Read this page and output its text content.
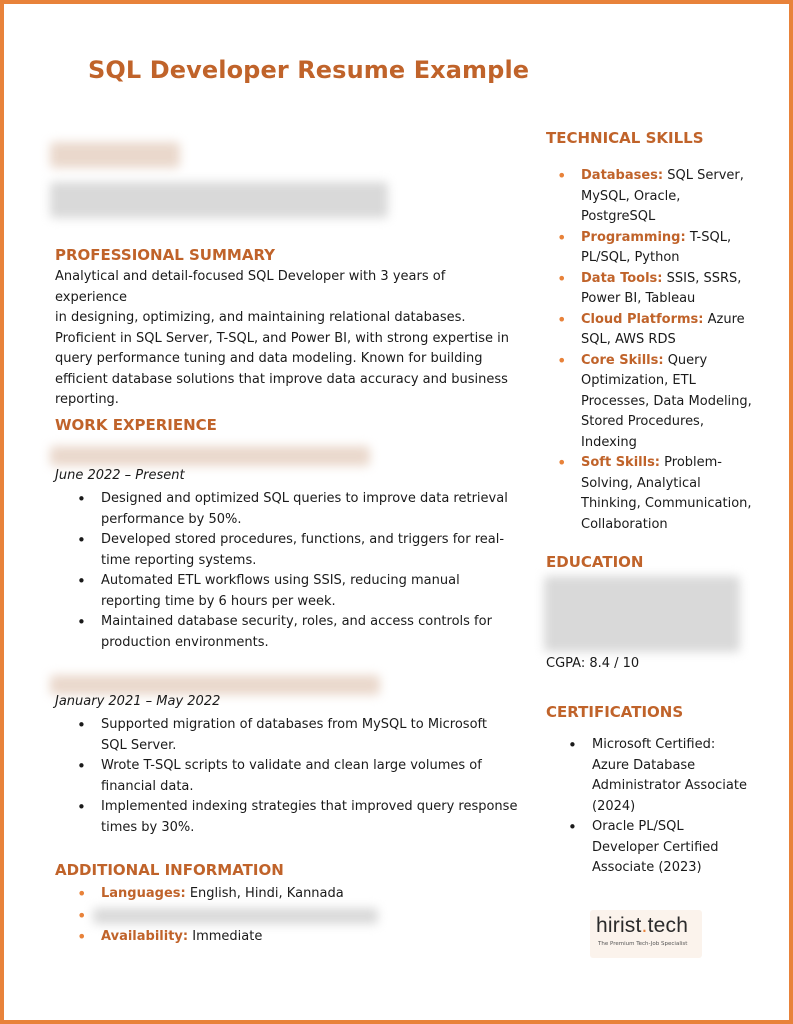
SQL Developer Resume Example
PROFESSIONAL SUMMARY
Analytical and detail-focused SQL Developer with 3 years of experience
in designing, optimizing, and maintaining relational databases.
Proficient in SQL Server, T-SQL, and Power BI, with strong expertise in
query performance tuning and data modeling. Known for building
efficient database solutions that improve data accuracy and business
reporting.
WORK EXPERIENCE
June 2022 – Present
• Designed and optimized SQL queries to improve data retrieval
performance by 50%.
• Developed stored procedures, functions, and triggers for real-
time reporting systems.
• Automated ETL workflows using SSIS, reducing manual
reporting time by 6 hours per week.
• Maintained database security, roles, and access controls for
production environments.
January 2021 – May 2022
• Supported migration of databases from MySQL to Microsoft
SQL Server.
• Wrote T-SQL scripts to validate and clean large volumes of
financial data.
• Implemented indexing strategies that improved query response
times by 30%.
ADDITIONAL INFORMATION
• Languages: English, Hindi, Kannada
•

• Availability: Immediate
TECHNICAL SKILLS
• Databases: SQL Server,
MySQL, Oracle,
PostgreSQL
• Programming: T-SQL,
PL/SQL, Python
• Data Tools: SSIS, SSRS,
Power BI, Tableau
• Cloud Platforms: Azure
SQL, AWS RDS
• Core Skills: Query
Optimization, ETL
Processes, Data Modeling,
Stored Procedures,
Indexing
• Soft Skills: Problem-
Solving, Analytical
Thinking, Communication,
Collaboration
EDUCATION
CGPA: 8.4 / 10
CERTIFICATIONS
• Microsoft Certified:
Azure Database
Administrator Associate
(2024)
• Oracle PL/SQL
Developer Certified
Associate (2023)
hirist.tech
The Premium Tech-Job Specialist
